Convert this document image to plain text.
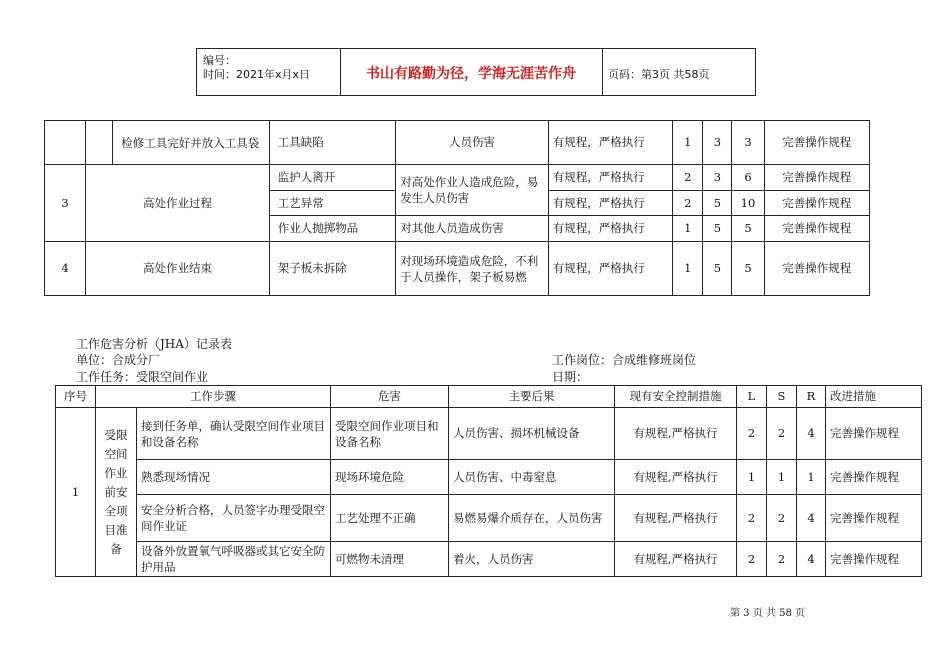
编号：
时间：2021年x月x日	书山有路勤为径，学海无涯苦作舟	页码：第3页 共58页
		检修工具完好并放入工具袋	工具缺陷	人员伤害	有规程，严格执行	1	3	3	完善操作规程
3	高处作业过程		监护人离开	对高处作业人造成危险，易发生人员伤害	有规程，严格执行	2	3	6	完善操作规程
			工艺异常		有规程，严格执行	2	5	10	完善操作规程
			作业人抛掷物品	对其他人员造成伤害	有规程，严格执行	1	5	5	完善操作规程
4	高处作业结束		架子板未拆除	对现场环境造成危险，不利于人员操作，架子板易燃	有规程，严格执行	1	5	5	完善操作规程
工作危害分析（JHA）记录表
单位：合成分厂	工作岗位：合成维修班岗位
工作任务：受限空间作业	日期：
序号	工作步骤		危害	主要后果	现有安全控制措施	L	S	R	改进措施
1	受限空间作业前安全项目准备	接到任务单，确认受限空间作业项目和设备名称	受限空间作业项目和设备名称	人员伤害、损坏机械设备	有规程,严格执行	2	2	4	完善操作规程
		熟悉现场情况	现场环境危险	人员伤害、中毒窒息	有规程,严格执行	1	1	1	完善操作规程
		安全分析合格，人员签字办理受限空间作业证	工艺处理不正确	易燃易爆介质存在，人员伤害	有规程,严格执行	2	2	4	完善操作规程
		设备外放置氧气呼吸器或其它安全防护用品	可燃物未清理	着火，人员伤害	有规程,严格执行	2	2	4	完善操作规程
第 3 页 共 58 页
